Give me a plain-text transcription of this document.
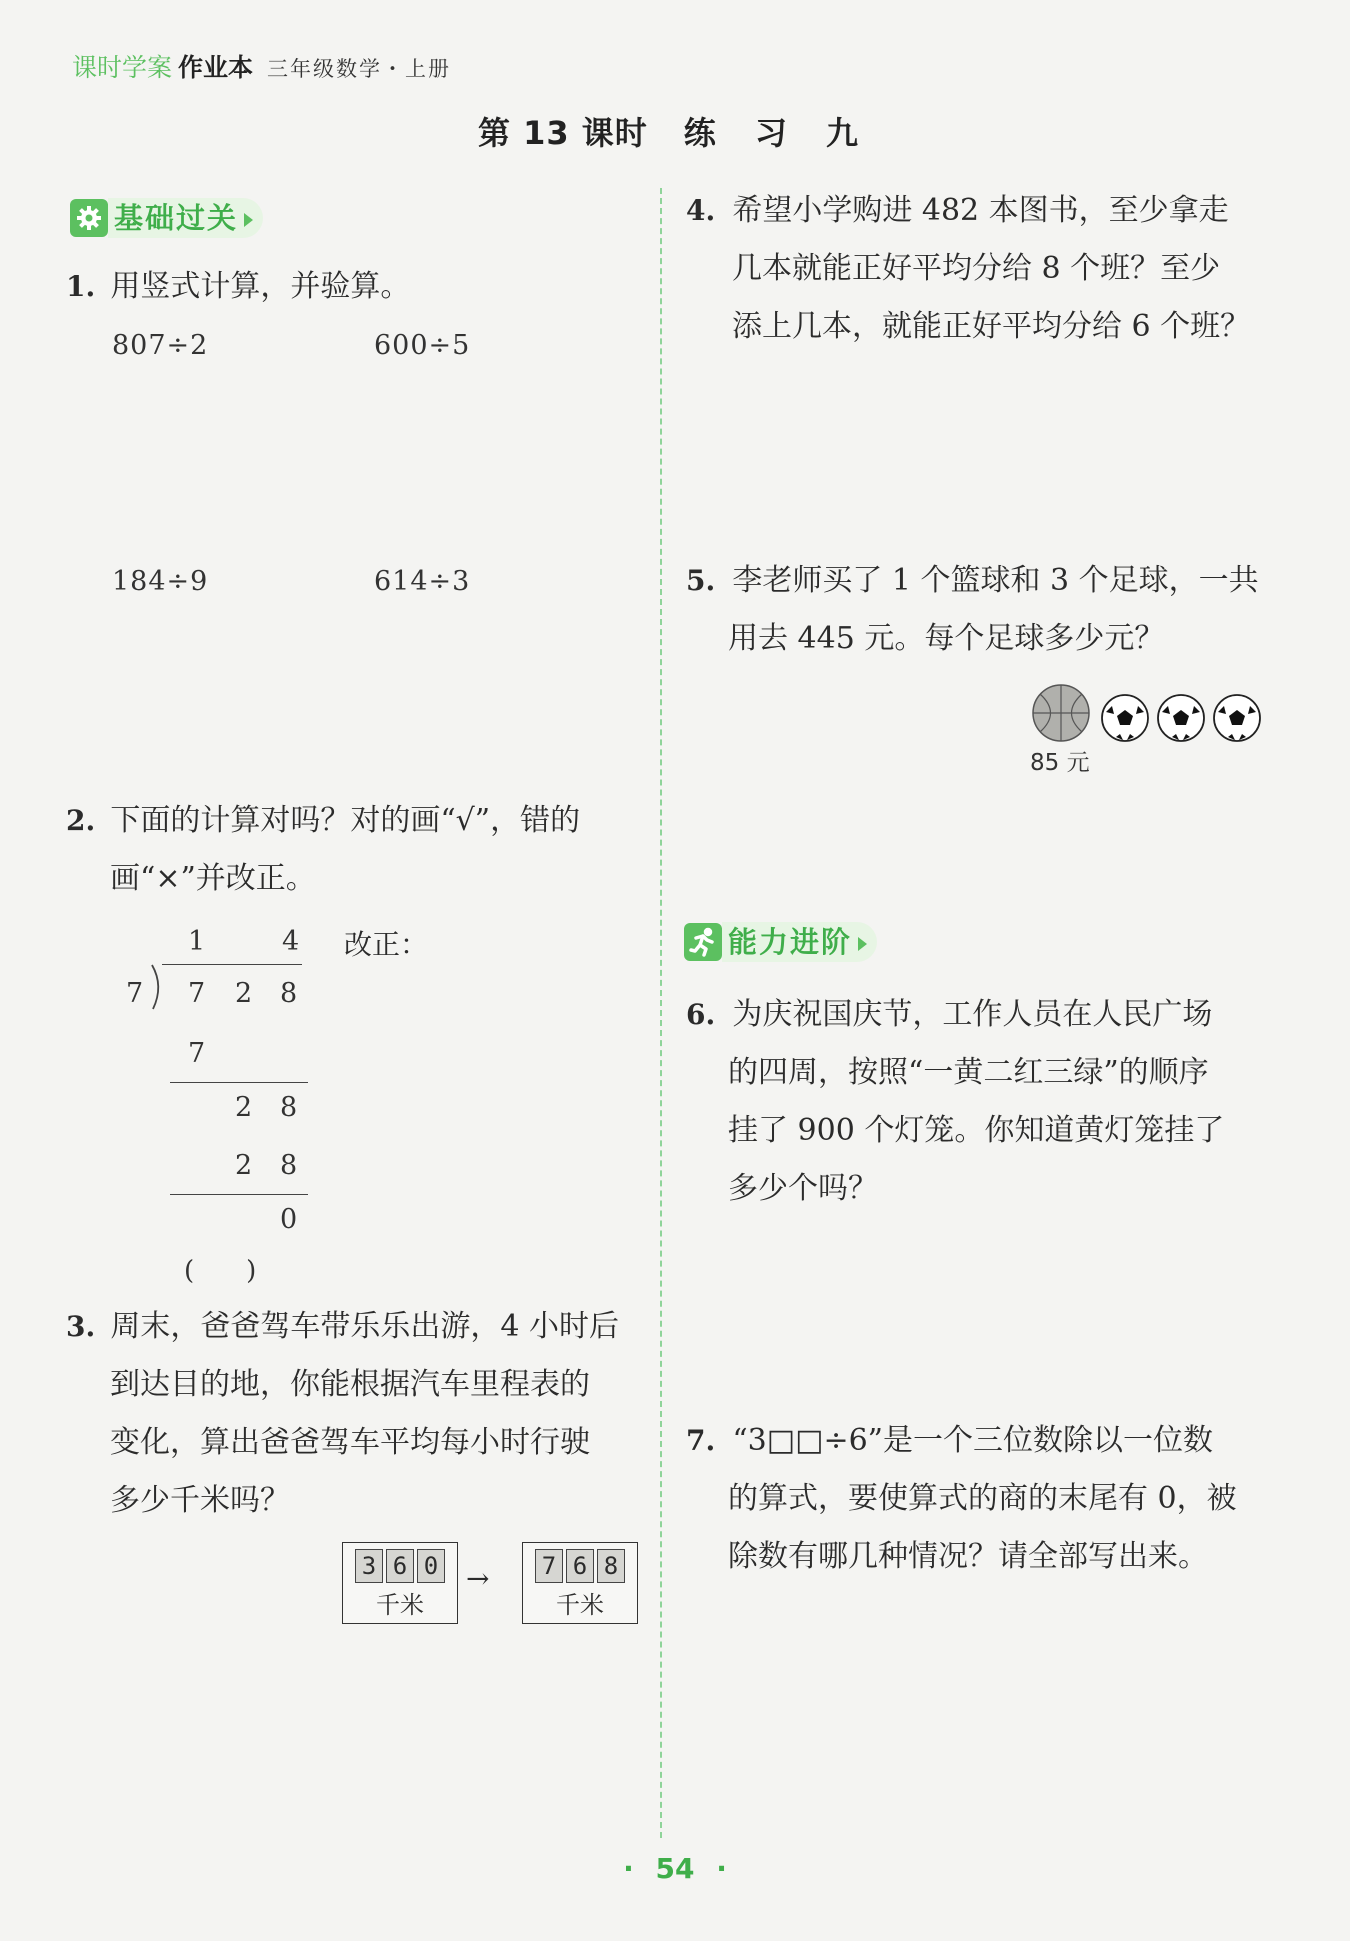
课时学案 作业本 三年级数学・上册
第 13 课时 练 习 九
基础过关
1. 用竖式计算，并验算。
807÷2	600÷5
184÷9	614÷3
2. 下面的计算对吗？对的画“√”，错的
画“×”并改正。
1	4
7 7 2 8
7
2 8
2 8
0
(　　)
改正：
3. 周末，爸爸驾车带乐乐出游，4 小时后
到达目的地，你能根据汽车里程表的
变化，算出爸爸驾车平均每小时行驶
多少千米吗？
3 6 0
千米
→ 7 6 8
千米
4. 希望小学购进 482 本图书，至少拿走
几本就能正好平均分给 8 个班？至少
添上几本，就能正好平均分给 6 个班？
5. 李老师买了 1 个篮球和 3 个足球，一共
用去 445 元。每个足球多少元？
85 元
能力进阶
6. 为庆祝国庆节，工作人员在人民广场
的四周，按照“一黄二红三绿”的顺序
挂了 900 个灯笼。你知道黄灯笼挂了
多少个吗？
7. “3□□÷6”是一个三位数除以一位数
的算式，要使算式的商的末尾有 0，被
除数有哪几种情况？请全部写出来。
· 54 ·
